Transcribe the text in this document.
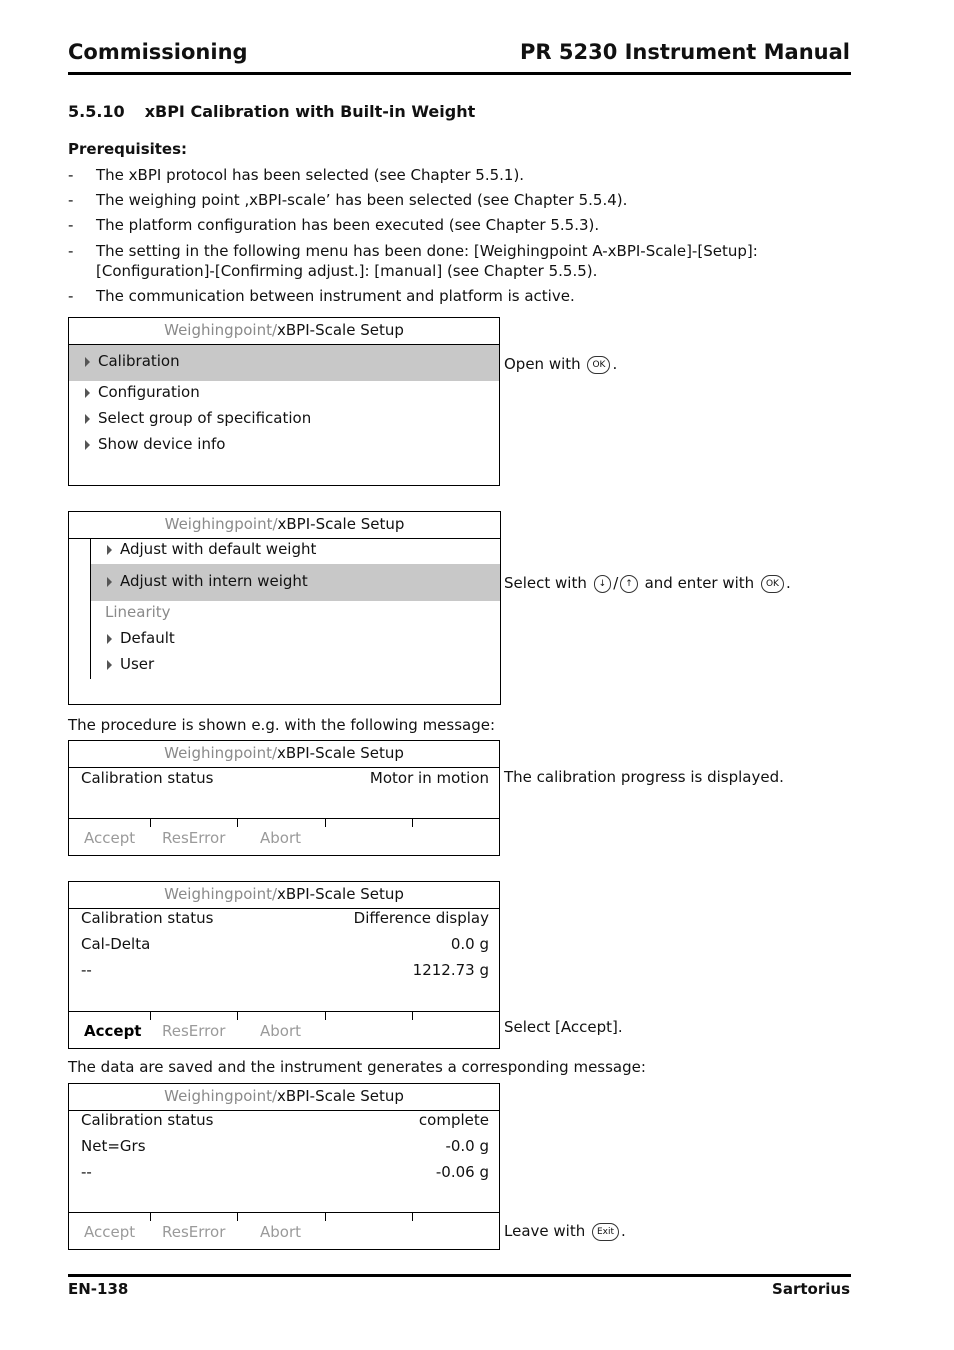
Commissioning	PR 5230 Instrument Manual
5.5.10 xBPI Calibration with Built-in Weight
Prerequisites:
- The xBPI protocol has been selected (see Chapter 5.5.1).
- The weighing point ‚xBPI-scale’ has been selected (see Chapter 5.5.4).
- The platform configuration has been executed (see Chapter 5.5.3).
- The setting in the following menu has been done: [Weighingpoint A-xBPI-Scale]-[Setup]:
[Configuration]-[Confirming adjust.]: [manual] (see Chapter 5.5.5).
- The communication between instrument and platform is active.
Weighingpoint/xBPI-Scale Setup
Calibration
Configuration
Select group of specification
Show device info
Open with OK .
Weighingpoint/xBPI-Scale Setup
Adjust with default weight
Adjust with intern weight
Linearity
Default
User
Select with ↓ / ↑ and enter with OK .
The procedure is shown e.g. with the following message:
Weighingpoint/xBPI-Scale Setup
Calibration status	Motor in motion
Accept ResError Abort
The calibration progress is displayed.
Weighingpoint/xBPI-Scale Setup
Calibration status	Difference display
Cal-Delta	0.0 g
--	1212.73 g
Accept ResError Abort	Select [Accept].
The data are saved and the instrument generates a corresponding message:
Weighingpoint/xBPI-Scale Setup
Calibration status	complete
Net=Grs	-0.0 g
--	-0.06 g
Accept ResError Abort	Leave with Exit .
EN-138	Sartorius
